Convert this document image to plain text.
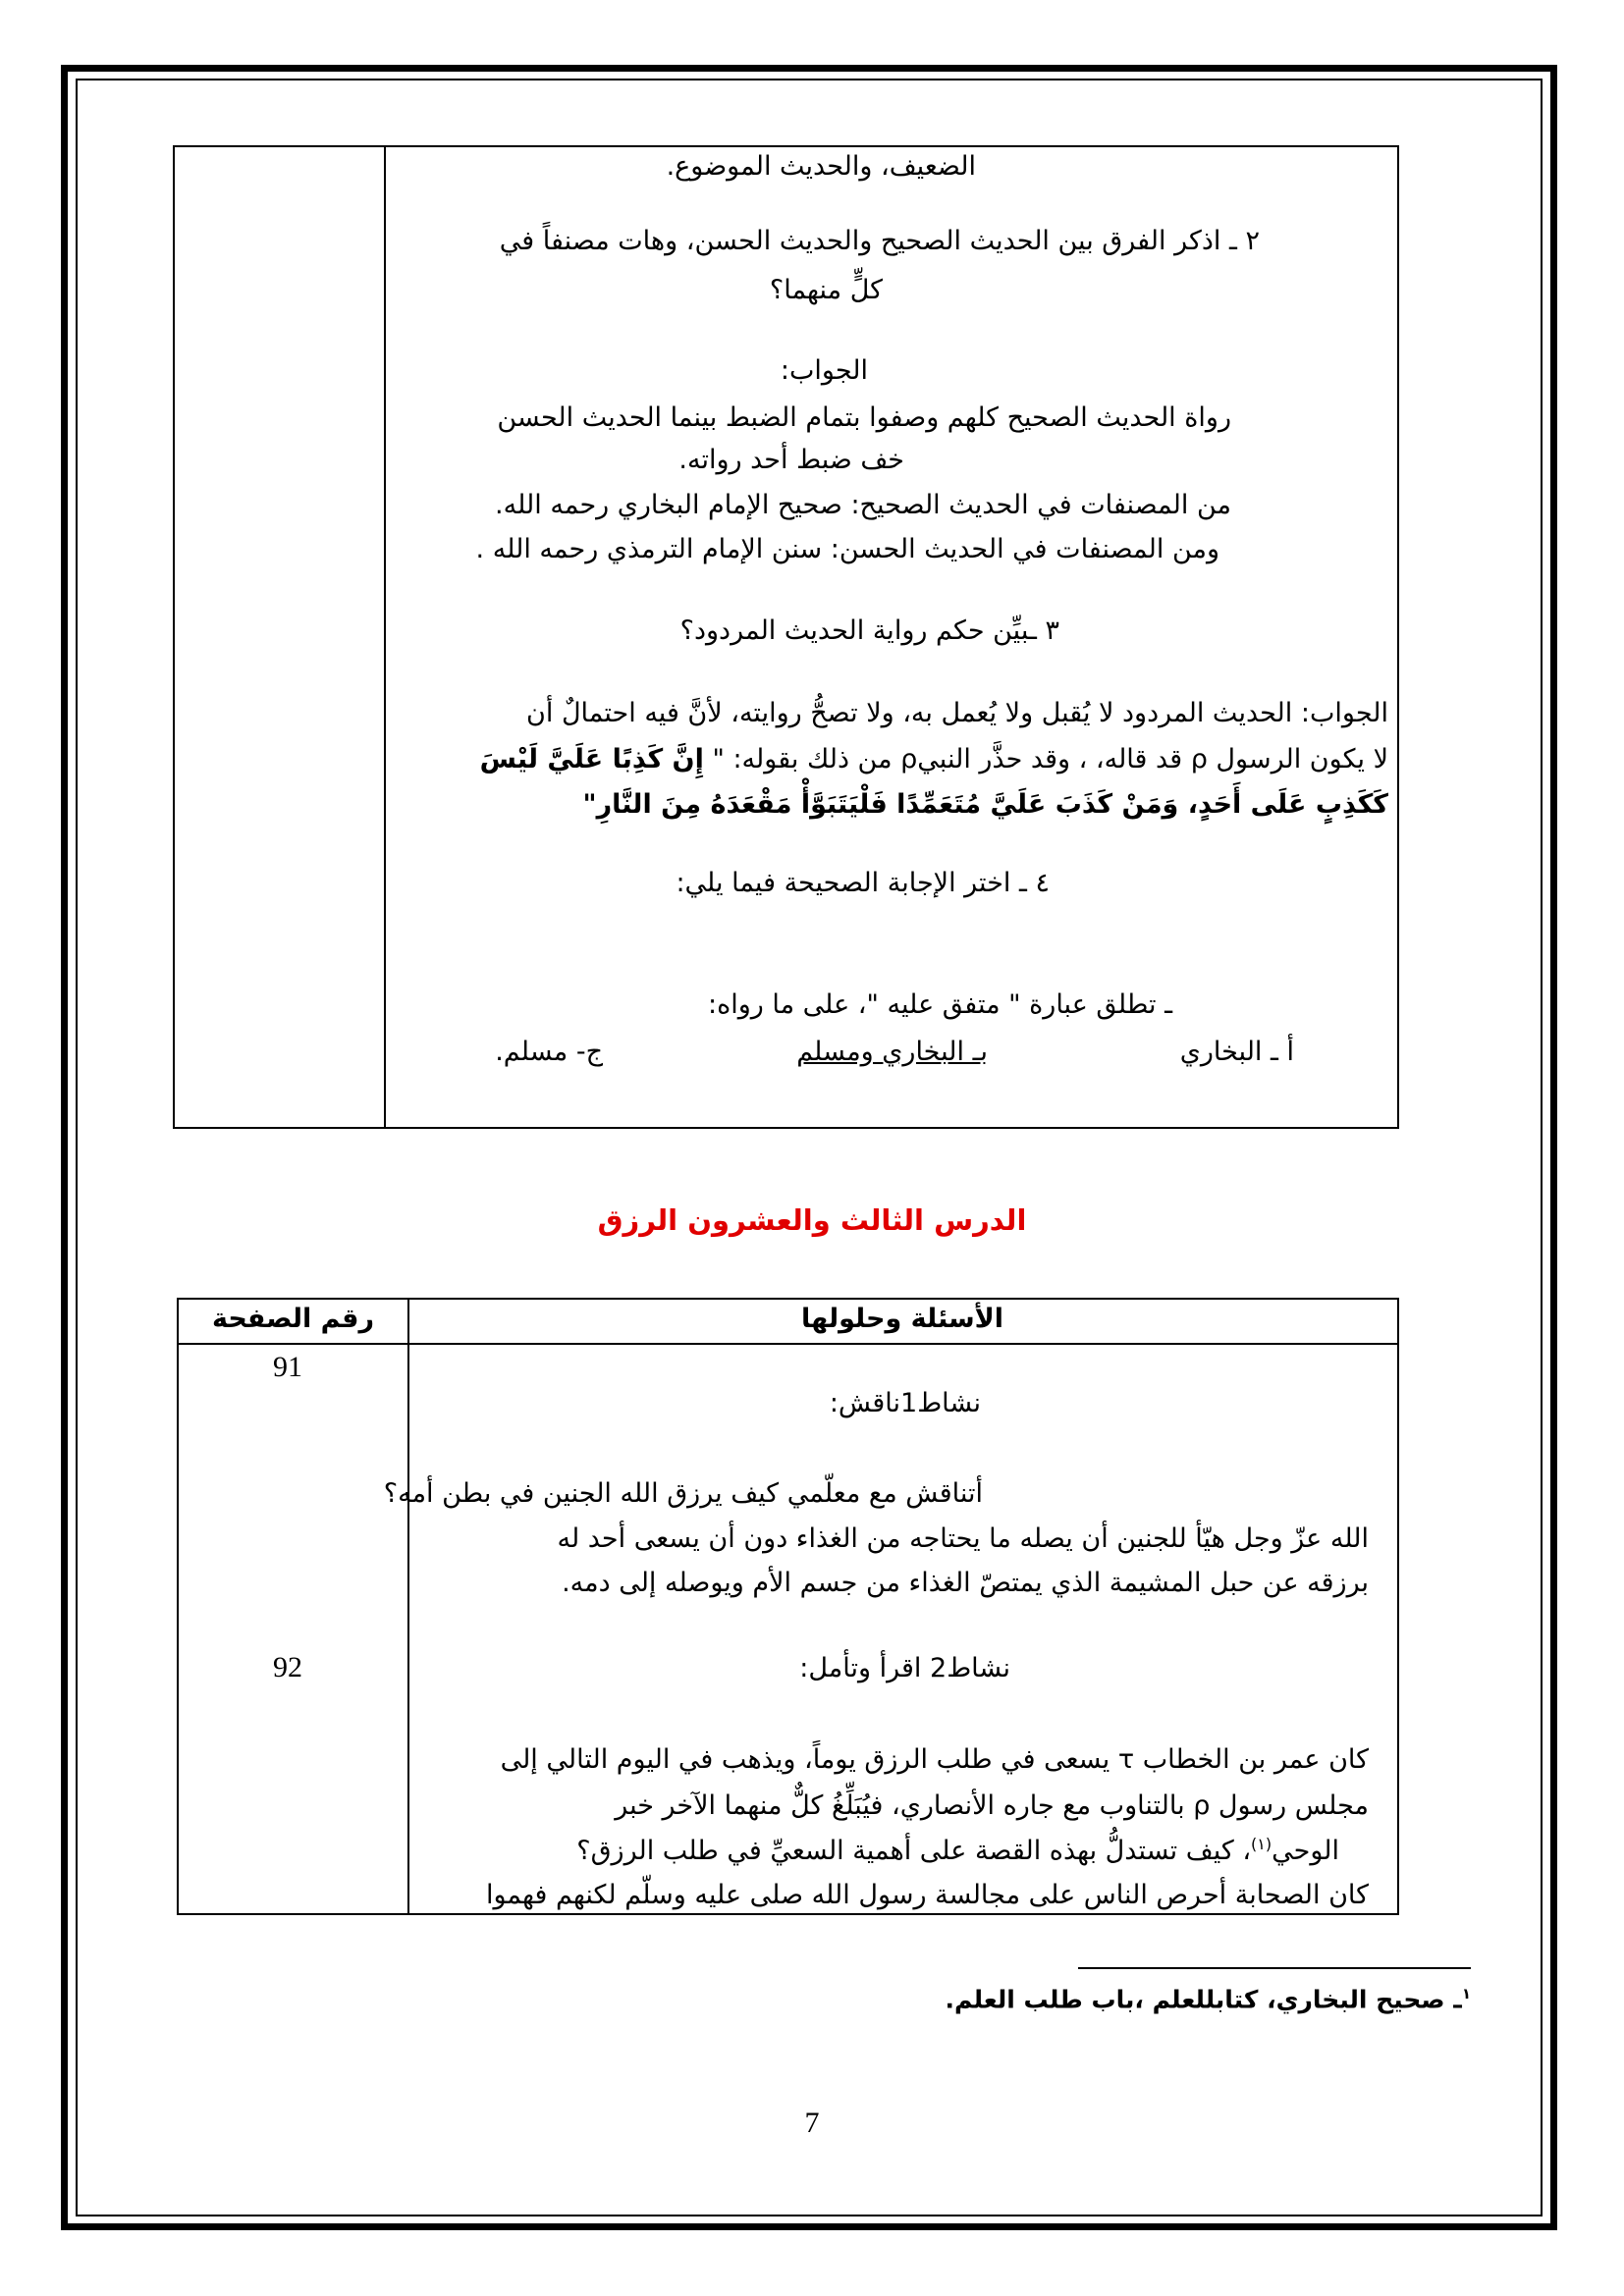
الضعيف، والحديث الموضوع.
٢ ـ اذكر الفرق بين الحديث الصحيح والحديث الحسن، وهات مصنفاً في
كلٍّ منهما؟
الجواب:
رواة الحديث الصحيح كلهم وصفوا بتمام الضبط بينما الحديث الحسن
خف ضبط أحد رواته.
من المصنفات في الحديث الصحيح: صحيح الإمام البخاري رحمه الله.
ومن المصنفات في الحديث الحسن: سنن الإمام الترمذي رحمه الله .
٣ ـبيِّن حكم رواية الحديث المردود؟
الجواب: الحديث المردود لا يُقبل ولا يُعمل به، ولا تصحُّ روايته، لأنَّ فيه احتمالٌ أن
لا يكون الرسول ρ قد قاله، ، وقد حذَّر النبيρ من ذلك بقوله: " إِنَّ كَذِبًا عَلَيَّ لَيْسَ
كَكَذِبٍ عَلَى أَحَدٍ، وَمَنْ كَذَبَ عَلَيَّ مُتَعَمِّدًا فَلْيَتَبَوَّأْ مَقْعَدَهُ مِنَ النَّارِ"
٤ ـ اختر الإجابة الصحيحة فيما يلي:
ـ تطلق عبارة " متفق عليه "، على ما رواه:
أ ـ البخاري
بـ البخاري ومسلم
ج- مسلم.
الدرس الثالث والعشرون الرزق
الأسئلة وحلولها
رقم الصفحة
91
92
نشاط1ناقش:
أتناقش مع معلّمي كيف يرزق الله الجنين في بطن أمه؟
الله عزّ وجل هيّأ للجنين أن يصله ما يحتاجه من الغذاء دون أن يسعى أحد له
برزقه عن حبل المشيمة الذي يمتصّ الغذاء من جسم الأم ويوصله إلى دمه.
نشاط2 اقرأ وتأمل:
كان عمر بن الخطاب τ يسعى في طلب الرزق يوماً، ويذهب في اليوم التالي إلى
مجلس رسول ρ بالتناوب مع جاره الأنصاري، فيُبَلِّغُ كلٌّ منهما الآخر خبر
الوحي$^{(١)}$، كيف تستدلُّ بهذه القصة على أهمية السعيِّ في طلب الرزق؟
كان الصحابة أحرص الناس على مجالسة رسول الله صلى عليه وسلّم لكنهم فهموا
$^١$ـ صحيح البخاري، كتابللعلم ،باب طلب العلم.
7
